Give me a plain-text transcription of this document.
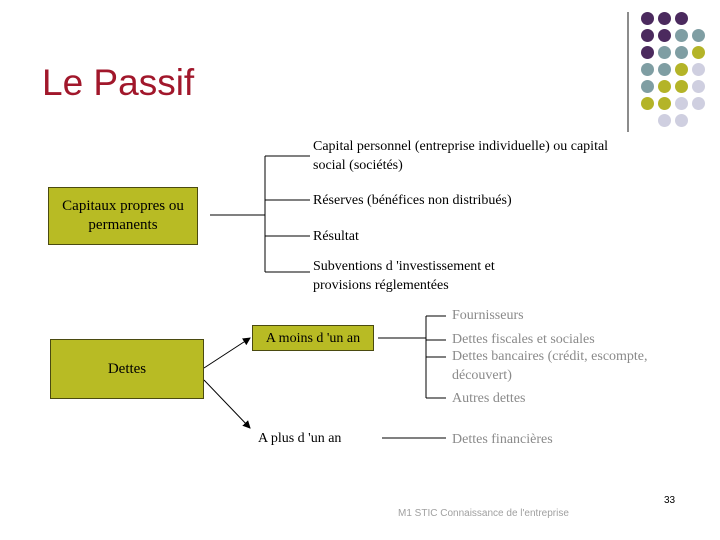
Le Passif
Capitaux propres ou permanents
Capital personnel (entreprise individuelle) ou capital social (sociétés)
Réserves (bénéfices non distribués)
Résultat
Subventions d 'investissement et provisions réglementées
Dettes
A moins d 'un an
A plus d 'un an
Fournisseurs
Dettes fiscales et sociales
Dettes bancaires (crédit, escompte, découvert)
Autres dettes
Dettes financières
33
M1 STIC Connaissance de l'entreprise
